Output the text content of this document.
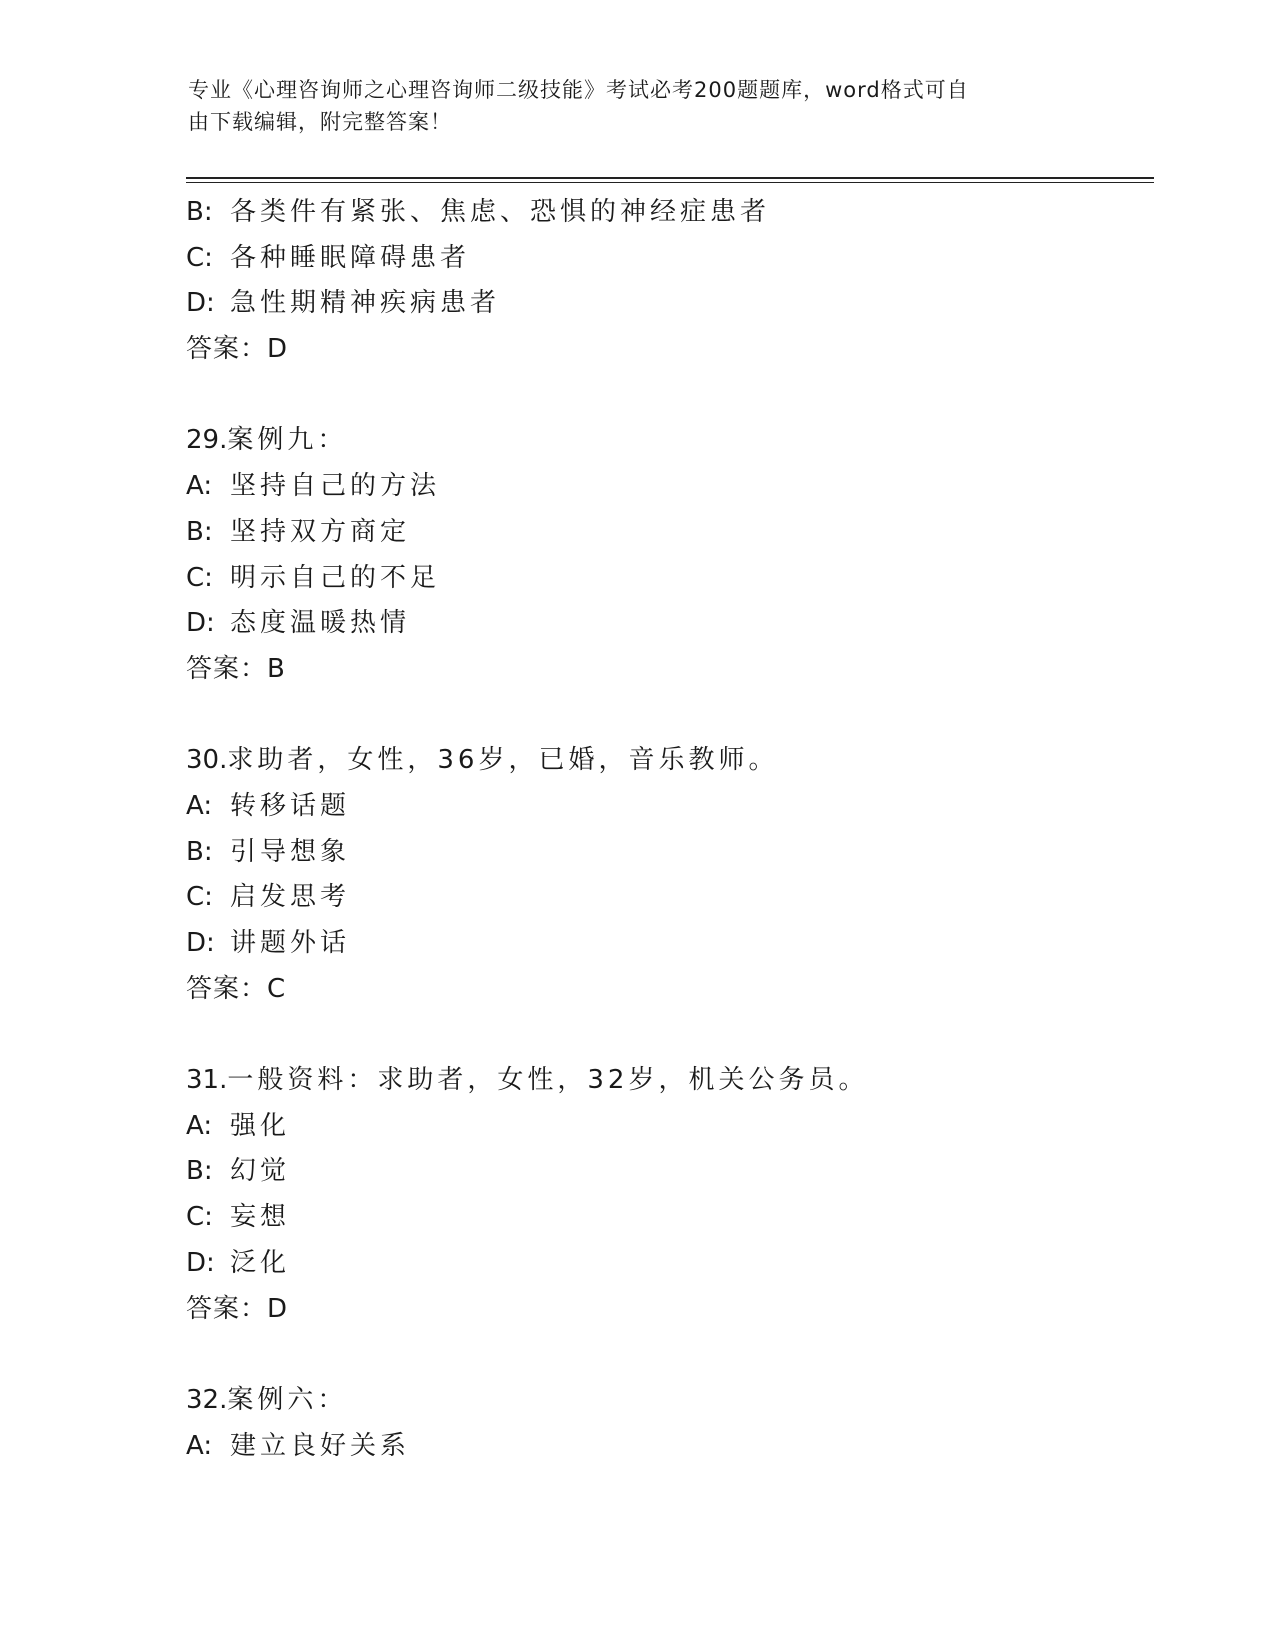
专业《心理咨询师之心理咨询师二级技能》考试必考200题题库，word格式可自
由下载编辑，附完整答案！
B: 各类件有紧张、焦虑、恐惧的神经症患者
C: 各种睡眠障碍患者
D: 急性期精神疾病患者
答案：D
29.案例九：
A: 坚持自己的方法
B: 坚持双方商定
C: 明示自己的不足
D: 态度温暖热情
答案：B
30.求助者，女性，36岁，已婚，音乐教师。
A: 转移话题
B: 引导想象
C: 启发思考
D: 讲题外话
答案：C
31.一般资料：求助者，女性，32岁，机关公务员。
A: 强化
B: 幻觉
C: 妄想
D: 泛化
答案：D
32.案例六：
A: 建立良好关系
